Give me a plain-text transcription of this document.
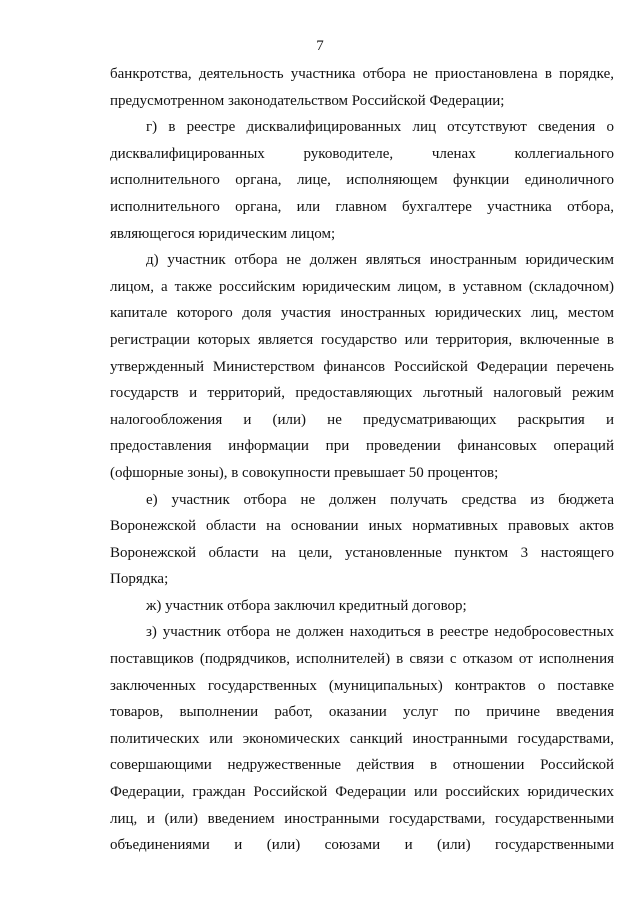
7

банкротства, деятельность участника отбора не приостановлена в порядке, предусмотренном законодательством Российской Федерации;

г) в реестре дисквалифицированных лиц отсутствуют сведения о дисквалифицированных руководителе, членах коллегиального исполнительного органа, лице, исполняющем функции единоличного исполнительного органа, или главном бухгалтере участника отбора, являющегося юридическим лицом;

д) участник отбора не должен являться иностранным юридическим лицом, а также российским юридическим лицом, в уставном (складочном) капитале которого доля участия иностранных юридических лиц, местом регистрации которых является государство или территория, включенные в утвержденный Министерством финансов Российской Федерации перечень государств и территорий, предоставляющих льготный налоговый режим налогообложения и (или) не предусматривающих раскрытия и предоставления информации при проведении финансовых операций (офшорные зоны), в совокупности превышает 50 процентов;

е) участник отбора не должен получать средства из бюджета Воронежской области на основании иных нормативных правовых актов Воронежской области на цели, установленные пунктом 3 настоящего Порядка;

ж) участник отбора заключил кредитный договор;

з) участник отбора не должен находиться в реестре недобросовестных поставщиков (подрядчиков, исполнителей) в связи с отказом от исполнения заключенных государственных (муниципальных) контрактов о поставке товаров, выполнении работ, оказании услуг по причине введения политических или экономических санкций иностранными государствами, совершающими недружественные действия в отношении Российской Федерации, граждан Российской Федерации или российских юридических лиц, и (или) введением иностранными государствами, государственными объединениями и (или) союзами и (или) государственными
